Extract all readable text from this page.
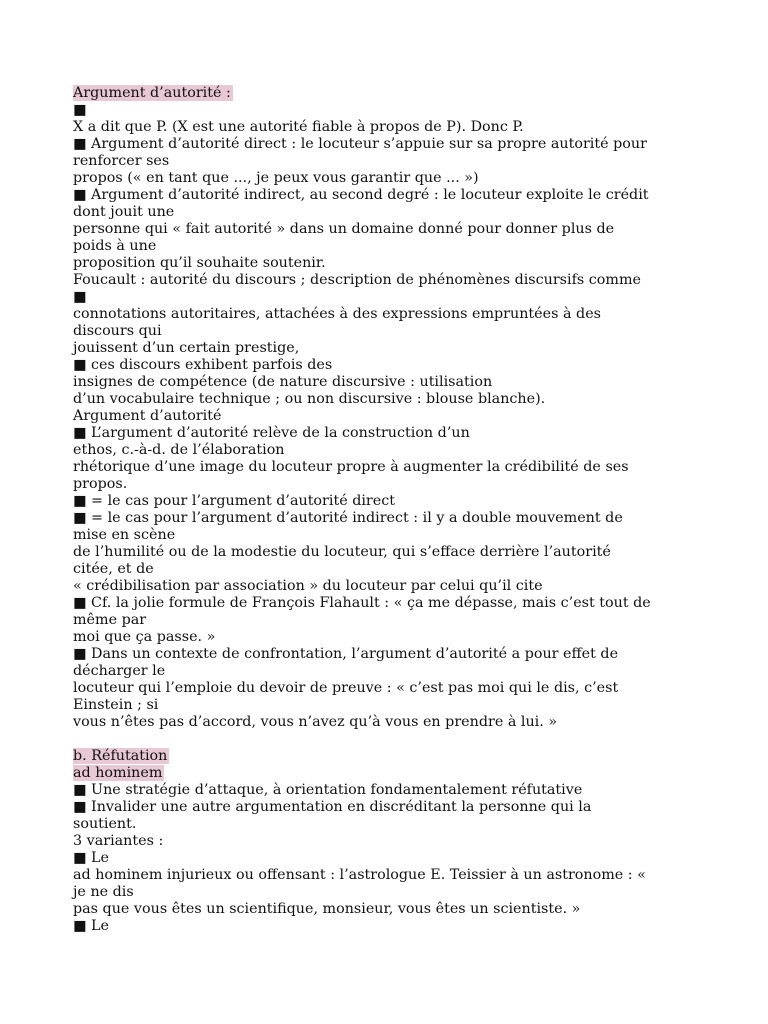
Argument d’autorité :
■
X a dit que P. (X est une autorité fiable à propos de P). Donc P.
■ Argument d’autorité direct : le locuteur s’appuie sur sa propre autorité pour
renforcer ses
propos (« en tant que ..., je peux vous garantir que ... »)
■ Argument d’autorité indirect, au second degré : le locuteur exploite le crédit
dont jouit une
personne qui « fait autorité » dans un domaine donné pour donner plus de
poids à une
proposition qu’il souhaite soutenir.
Foucault : autorité du discours ; description de phénomènes discursifs comme
■
connotations autoritaires, attachées à des expressions empruntées à des
discours qui
jouissent d’un certain prestige,
■ ces discours exhibent parfois des
insignes de compétence (de nature discursive : utilisation
d’un vocabulaire technique ; ou non discursive : blouse blanche).
Argument d’autorité
■ L’argument d’autorité relève de la construction d’un
ethos, c.-à-d. de l’élaboration
rhétorique d’une image du locuteur propre à augmenter la crédibilité de ses
propos.
■ = le cas pour l’argument d’autorité direct
■ = le cas pour l’argument d’autorité indirect : il y a double mouvement de
mise en scène
de l’humilité ou de la modestie du locuteur, qui s’efface derrière l’autorité
citée, et de
« crédibilisation par association » du locuteur par celui qu’il cite
■ Cf. la jolie formule de François Flahault : « ça me dépasse, mais c’est tout de
même par
moi que ça passe. »
■ Dans un contexte de confrontation, l’argument d’autorité a pour effet de
décharger le
locuteur qui l’emploie du devoir de preuve : « c’est pas moi qui le dis, c’est
Einstein ; si
vous n’êtes pas d’accord, vous n’avez qu’à vous en prendre à lui. »
b. Réfutation
ad hominem
■ Une stratégie d’attaque, à orientation fondamentalement réfutative
■ Invalider une autre argumentation en discréditant la personne qui la
soutient.
3 variantes :
■ Le
ad hominem injurieux ou offensant : l’astrologue E. Teissier à un astronome : «
je ne dis
pas que vous êtes un scientifique, monsieur, vous êtes un scientiste. »
■ Le
